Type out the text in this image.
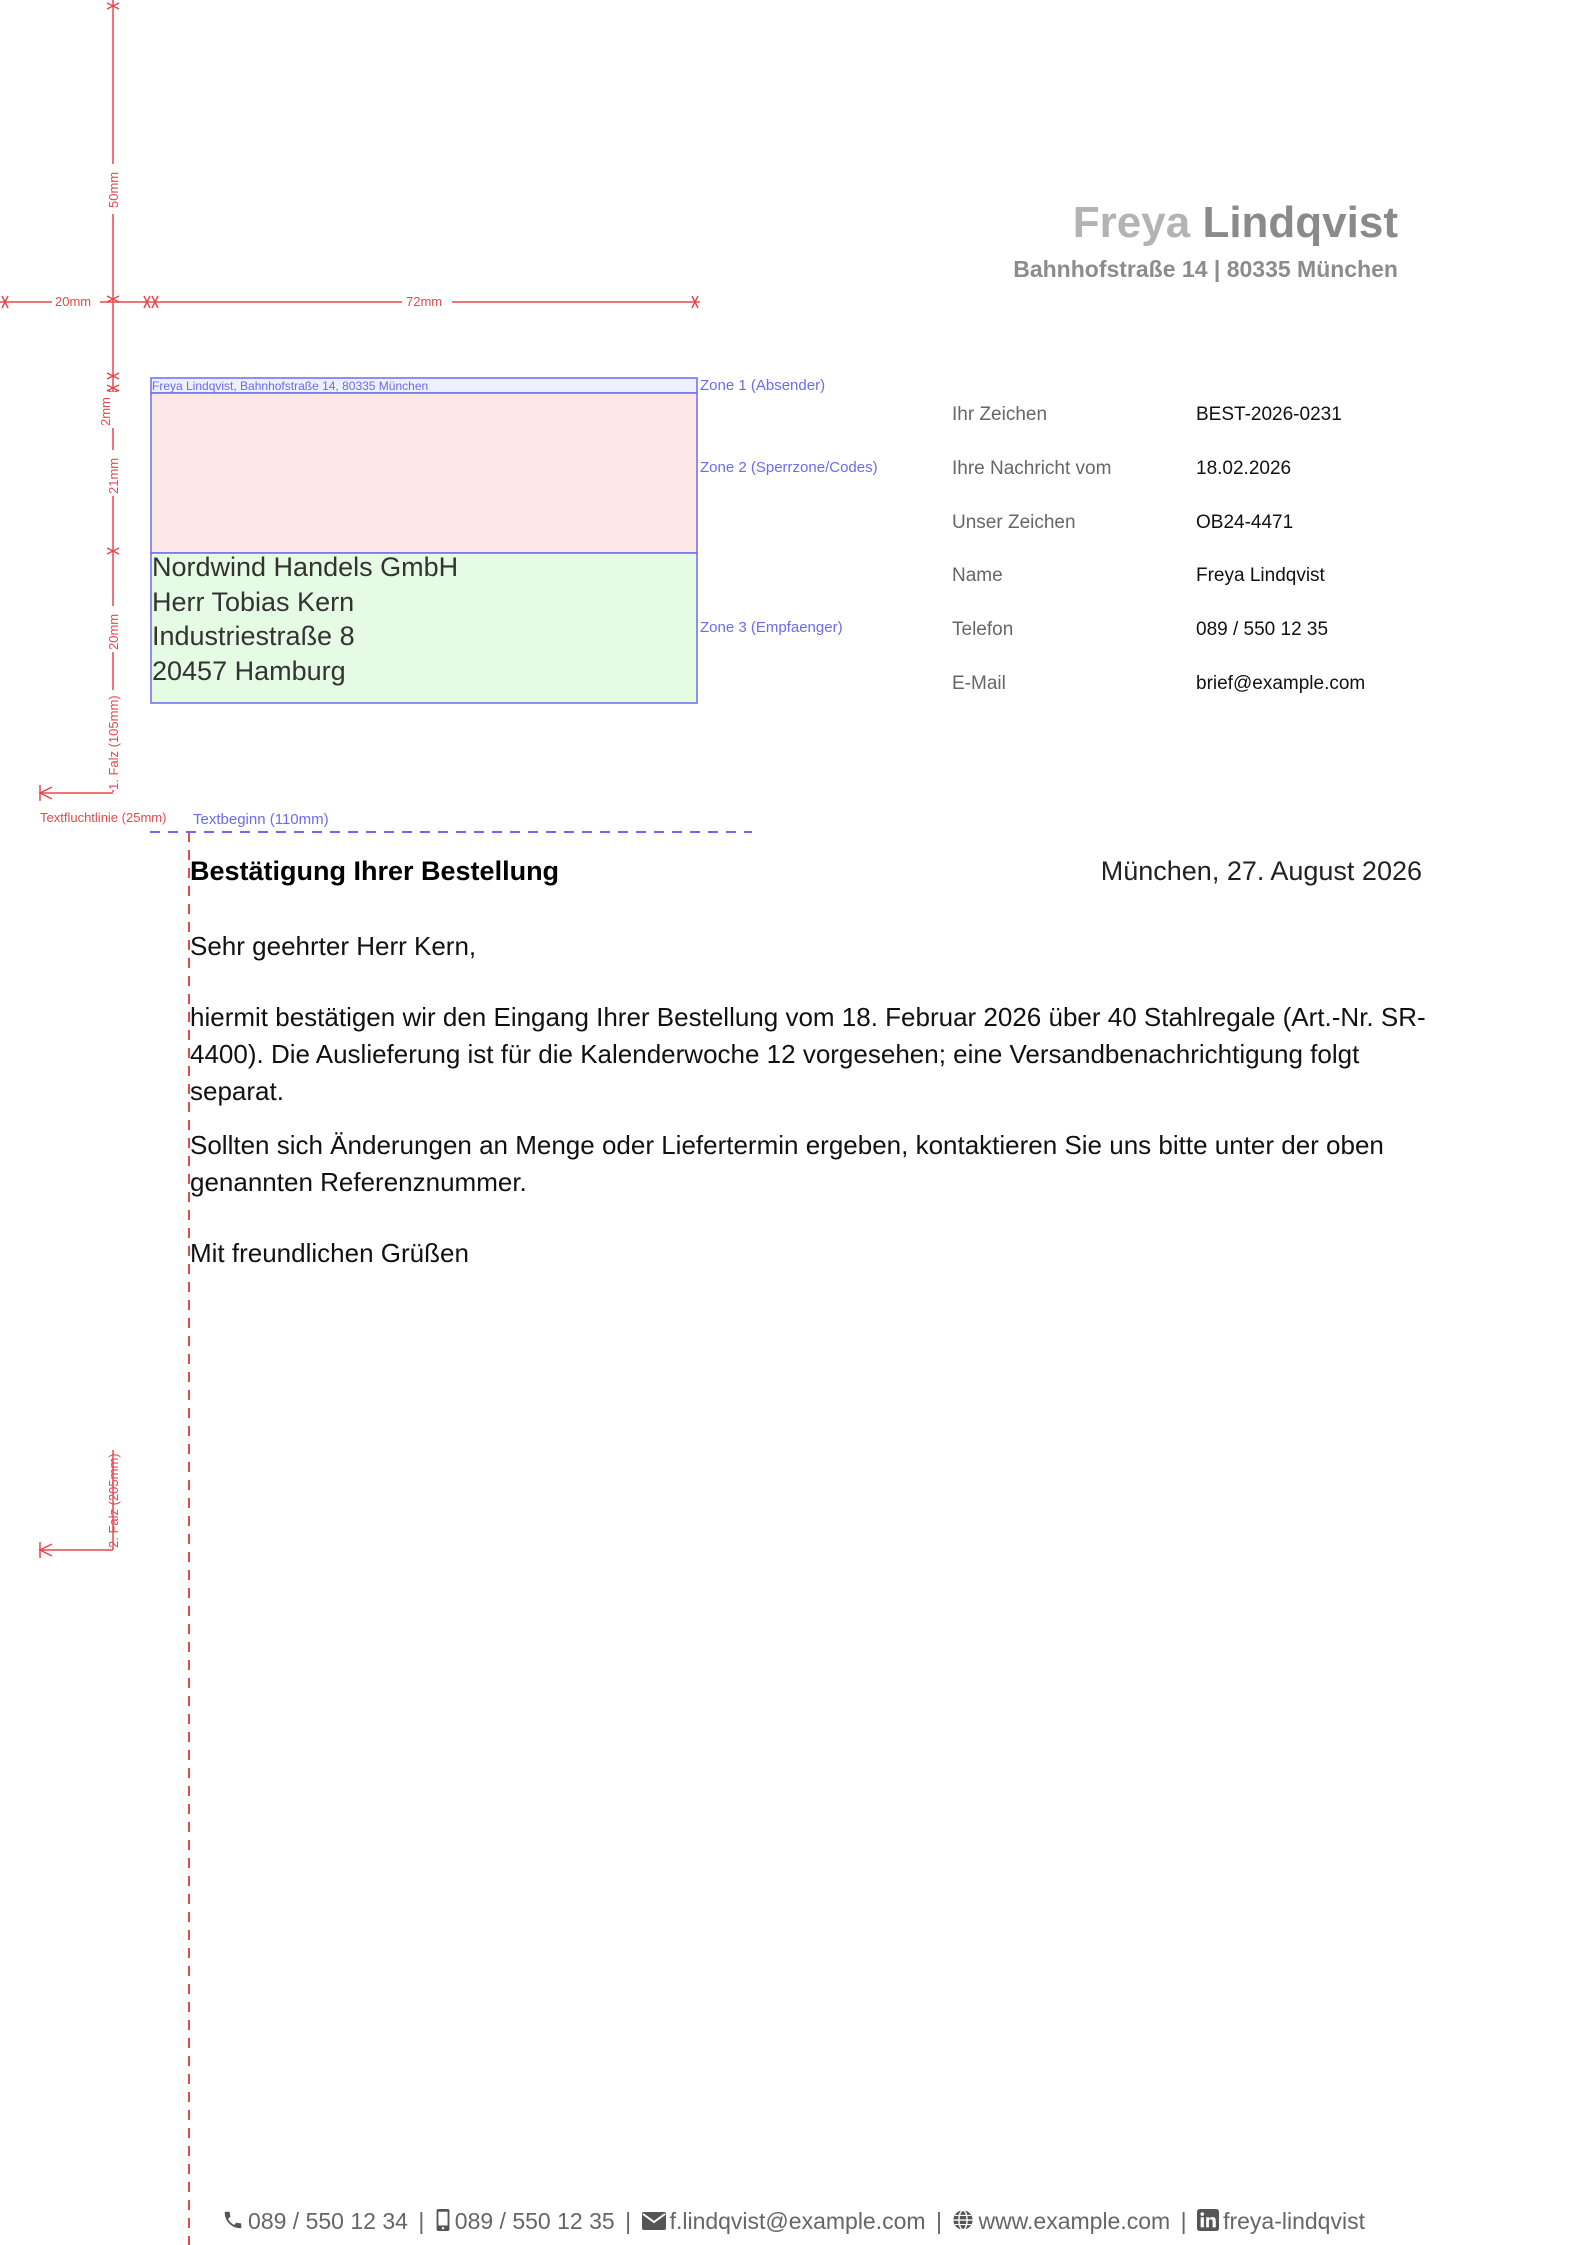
20mm	72mm
50mm
2mm
21mm
20mm
1. Falz (105mm)
2. Falz (205mm)
Textfluchtlinie (25mm) Textbeginn (110mm)
Zone 1 (Absender)
Zone 2 (Sperrzone/Codes)
Zone 3 (Empfaenger)
Freya Lindqvist
Bahnhofstraße 14 | 80335 München
Freya Lindqvist, Bahnhofstraße 14, 80335 München
Nordwind Handels GmbH
Herr Tobias Kern
Industriestraße 8
20457 Hamburg
Ihr Zeichen	BEST-2026-0231
Ihre Nachricht vom	18.02.2026
Unser Zeichen	OB24-4471
Name	Freya Lindqvist
Telefon	089 / 550 12 35
E-Mail	brief@example.com
Bestätigung Ihrer Bestellung	München, 27. August 2026
Sehr geehrter Herr Kern,
hiermit bestätigen wir den Eingang Ihrer Bestellung vom 18. Februar 2026 über 40 Stahlregale (Art.-Nr. SR-4400). Die Auslieferung ist für die Kalenderwoche 12 vorgesehen; eine Versandbenachrichtigung folgt separat.
Sollten sich Änderungen an Menge oder Liefertermin ergeben, kontaktieren Sie uns bitte unter der oben genannten Referenznummer.
Mit freundlichen Grüßen
089 / 550 12 34 | 089 / 550 12 35 | f.lindqvist@example.com | www.example.com | freya-lindqvist
